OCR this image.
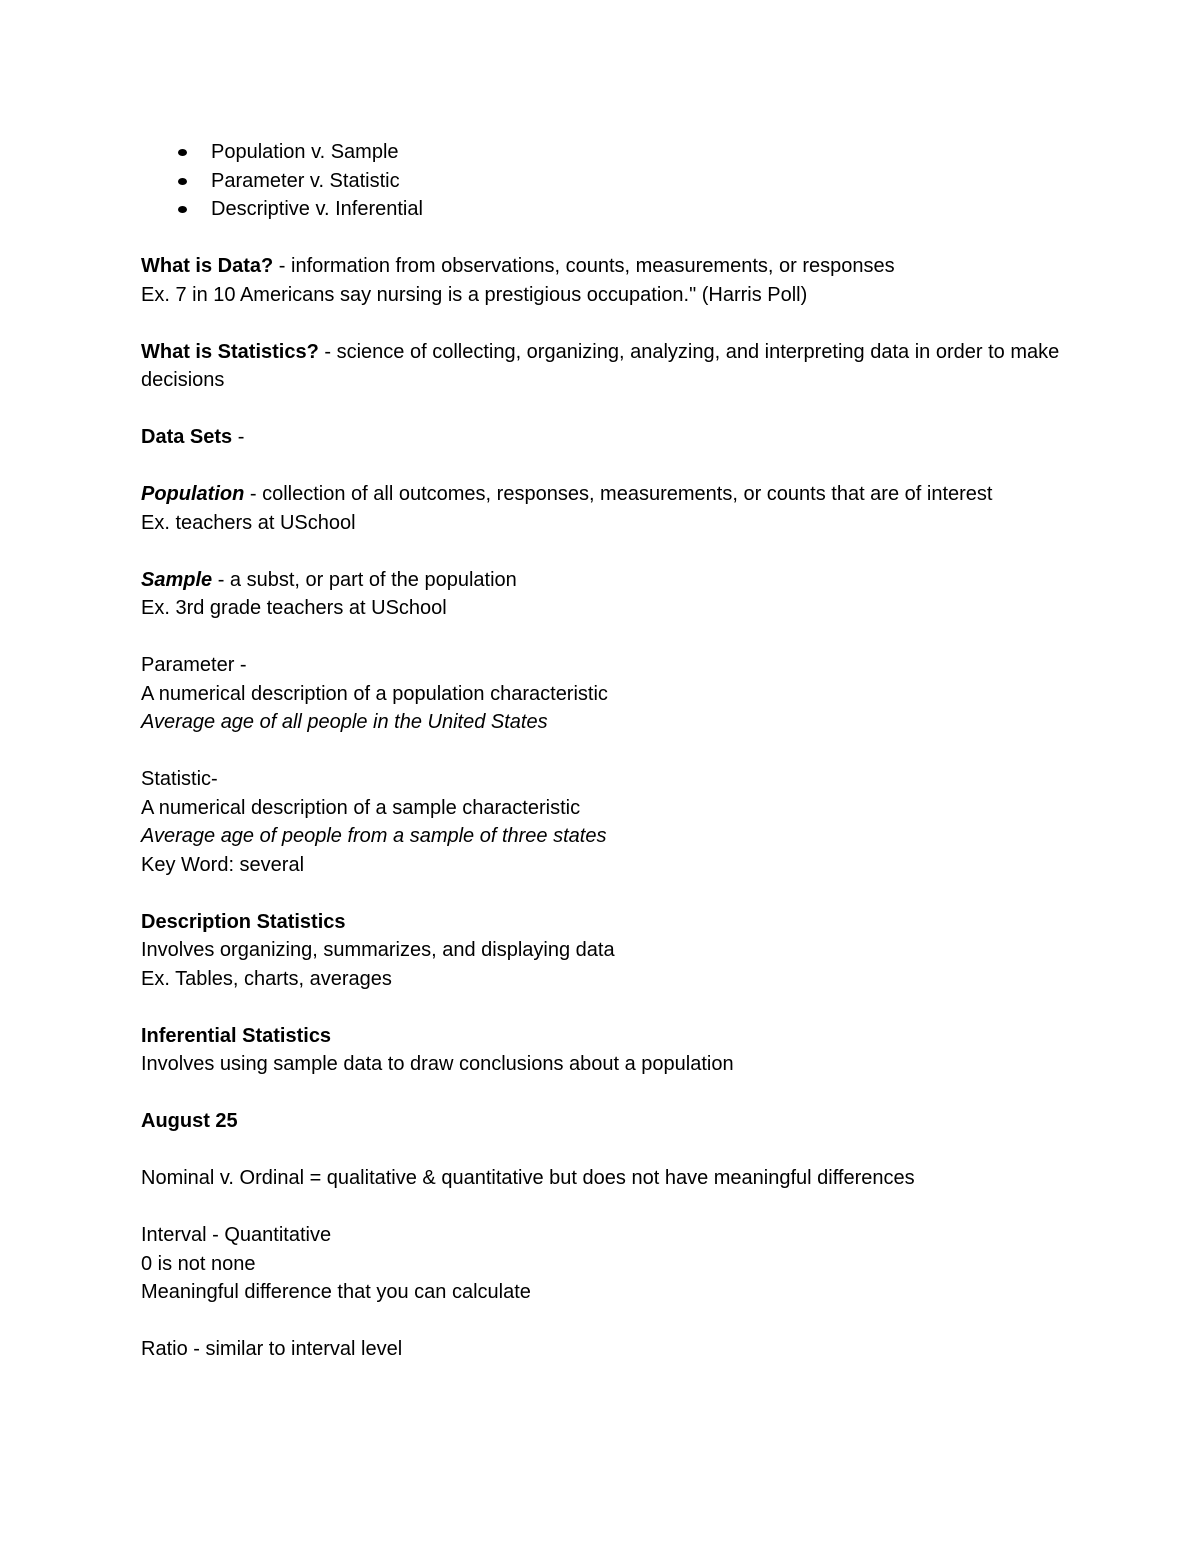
Population v. Sample
Parameter v. Statistic
Descriptive v. Inferential
What is Data? - information from observations, counts, measurements, or responses
Ex. 7 in 10 Americans say nursing is a prestigious occupation." (Harris Poll)
What is Statistics? - science of collecting, organizing, analyzing, and interpreting data in order to make decisions
Data Sets -
Population - collection of all outcomes, responses, measurements, or counts that are of interest
Ex. teachers at USchool
Sample - a subst, or part of the population
Ex. 3rd grade teachers at USchool
Parameter -
A numerical description of a population characteristic
Average age of all people in the United States
Statistic-
A numerical description of a sample characteristic
Average age of people from a sample of three states
Key Word: several
Description Statistics
Involves organizing, summarizes, and displaying data
Ex. Tables, charts, averages
Inferential Statistics
Involves using sample data to draw conclusions about a population
August 25
Nominal v. Ordinal = qualitative & quantitative but does not have meaningful differences
Interval - Quantitative
0 is not none
Meaningful difference that you can calculate
Ratio - similar to interval level
